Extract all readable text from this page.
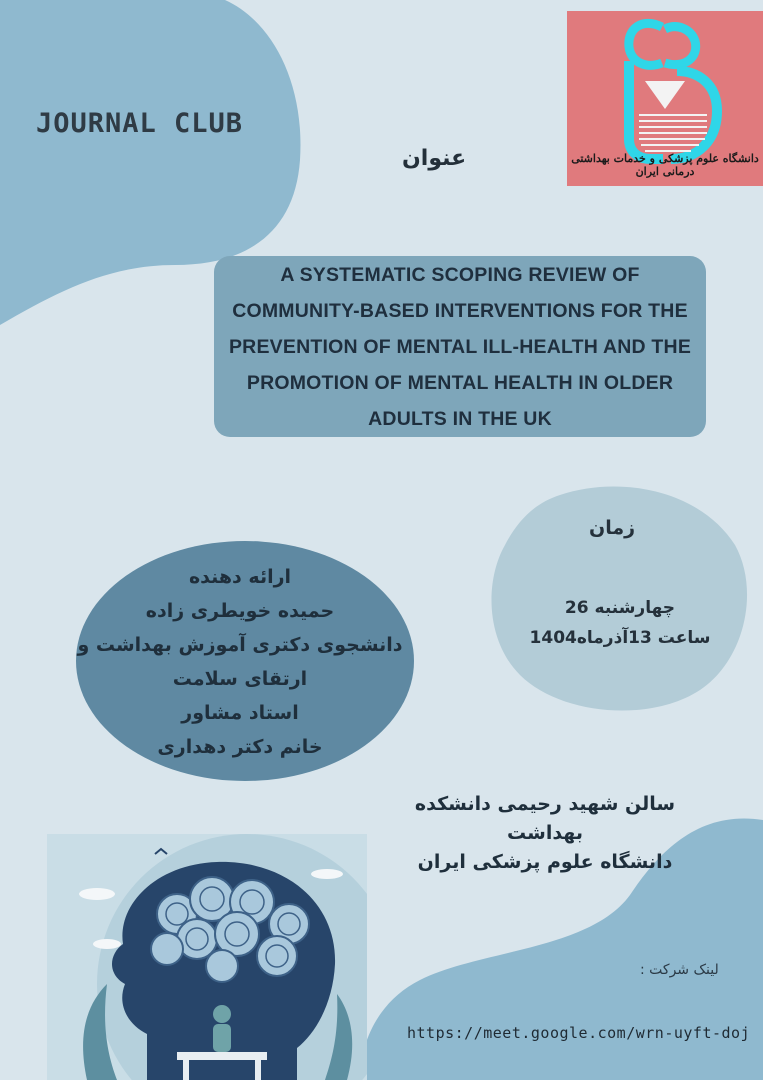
JOURNAL CLUB
عنوان	دانشگاه علوم پزشکی و خدمات بهداشتی درمانی ایران
A SYSTEMATIC SCOPING REVIEW OF COMMUNITY-BASED INTERVENTIONS FOR THE PREVENTION OF MENTAL ILL-HEALTH AND THE PROMOTION OF MENTAL HEALTH IN OLDER ADULTS IN THE UK
زمان
چهارشنبه 26
ساعت 13آذرماه1404
ارائه دهنده
حمیده خویطری زاده
دانشجوی دکتری آموزش بهداشت و
ارتقای سلامت
استاد مشاور
خانم دکتر دهداری
سالن شهید رحیمی دانشکده
بهداشت
دانشگاه علوم پزشکی ایران
لینک شرکت :
https://meet.google.com/wrn-uyft-doj
